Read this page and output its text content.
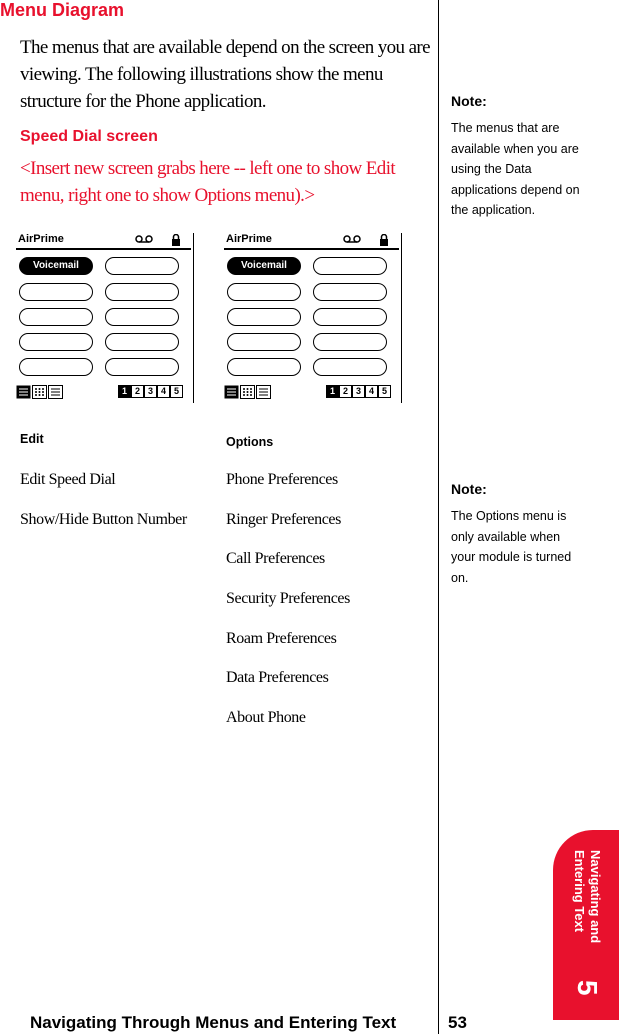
Menu Diagram
The menus that are available depend on the screen you are viewing. The following illustrations show the menu structure for the Phone application.
Speed Dial screen
<Insert new screen grabs here -- left one to show Edit menu, right one to show Options menu).>
AirPrime
Voicemail
1 2 3 4 5
AirPrime
Voicemail
1 2 3 4 5
Edit
Edit Speed Dial
Show/Hide Button Number
Options
Phone Preferences
Ringer Preferences
Call Preferences
Security Preferences
Roam Preferences
Data Preferences
About Phone
Note:
The menus that are available when you are using the Data applications depend on the application.
Note:
The Options menu is only available when your module is turned on.
Navigating and
Entering Text
5
Navigating Through Menus and Entering Text	53
